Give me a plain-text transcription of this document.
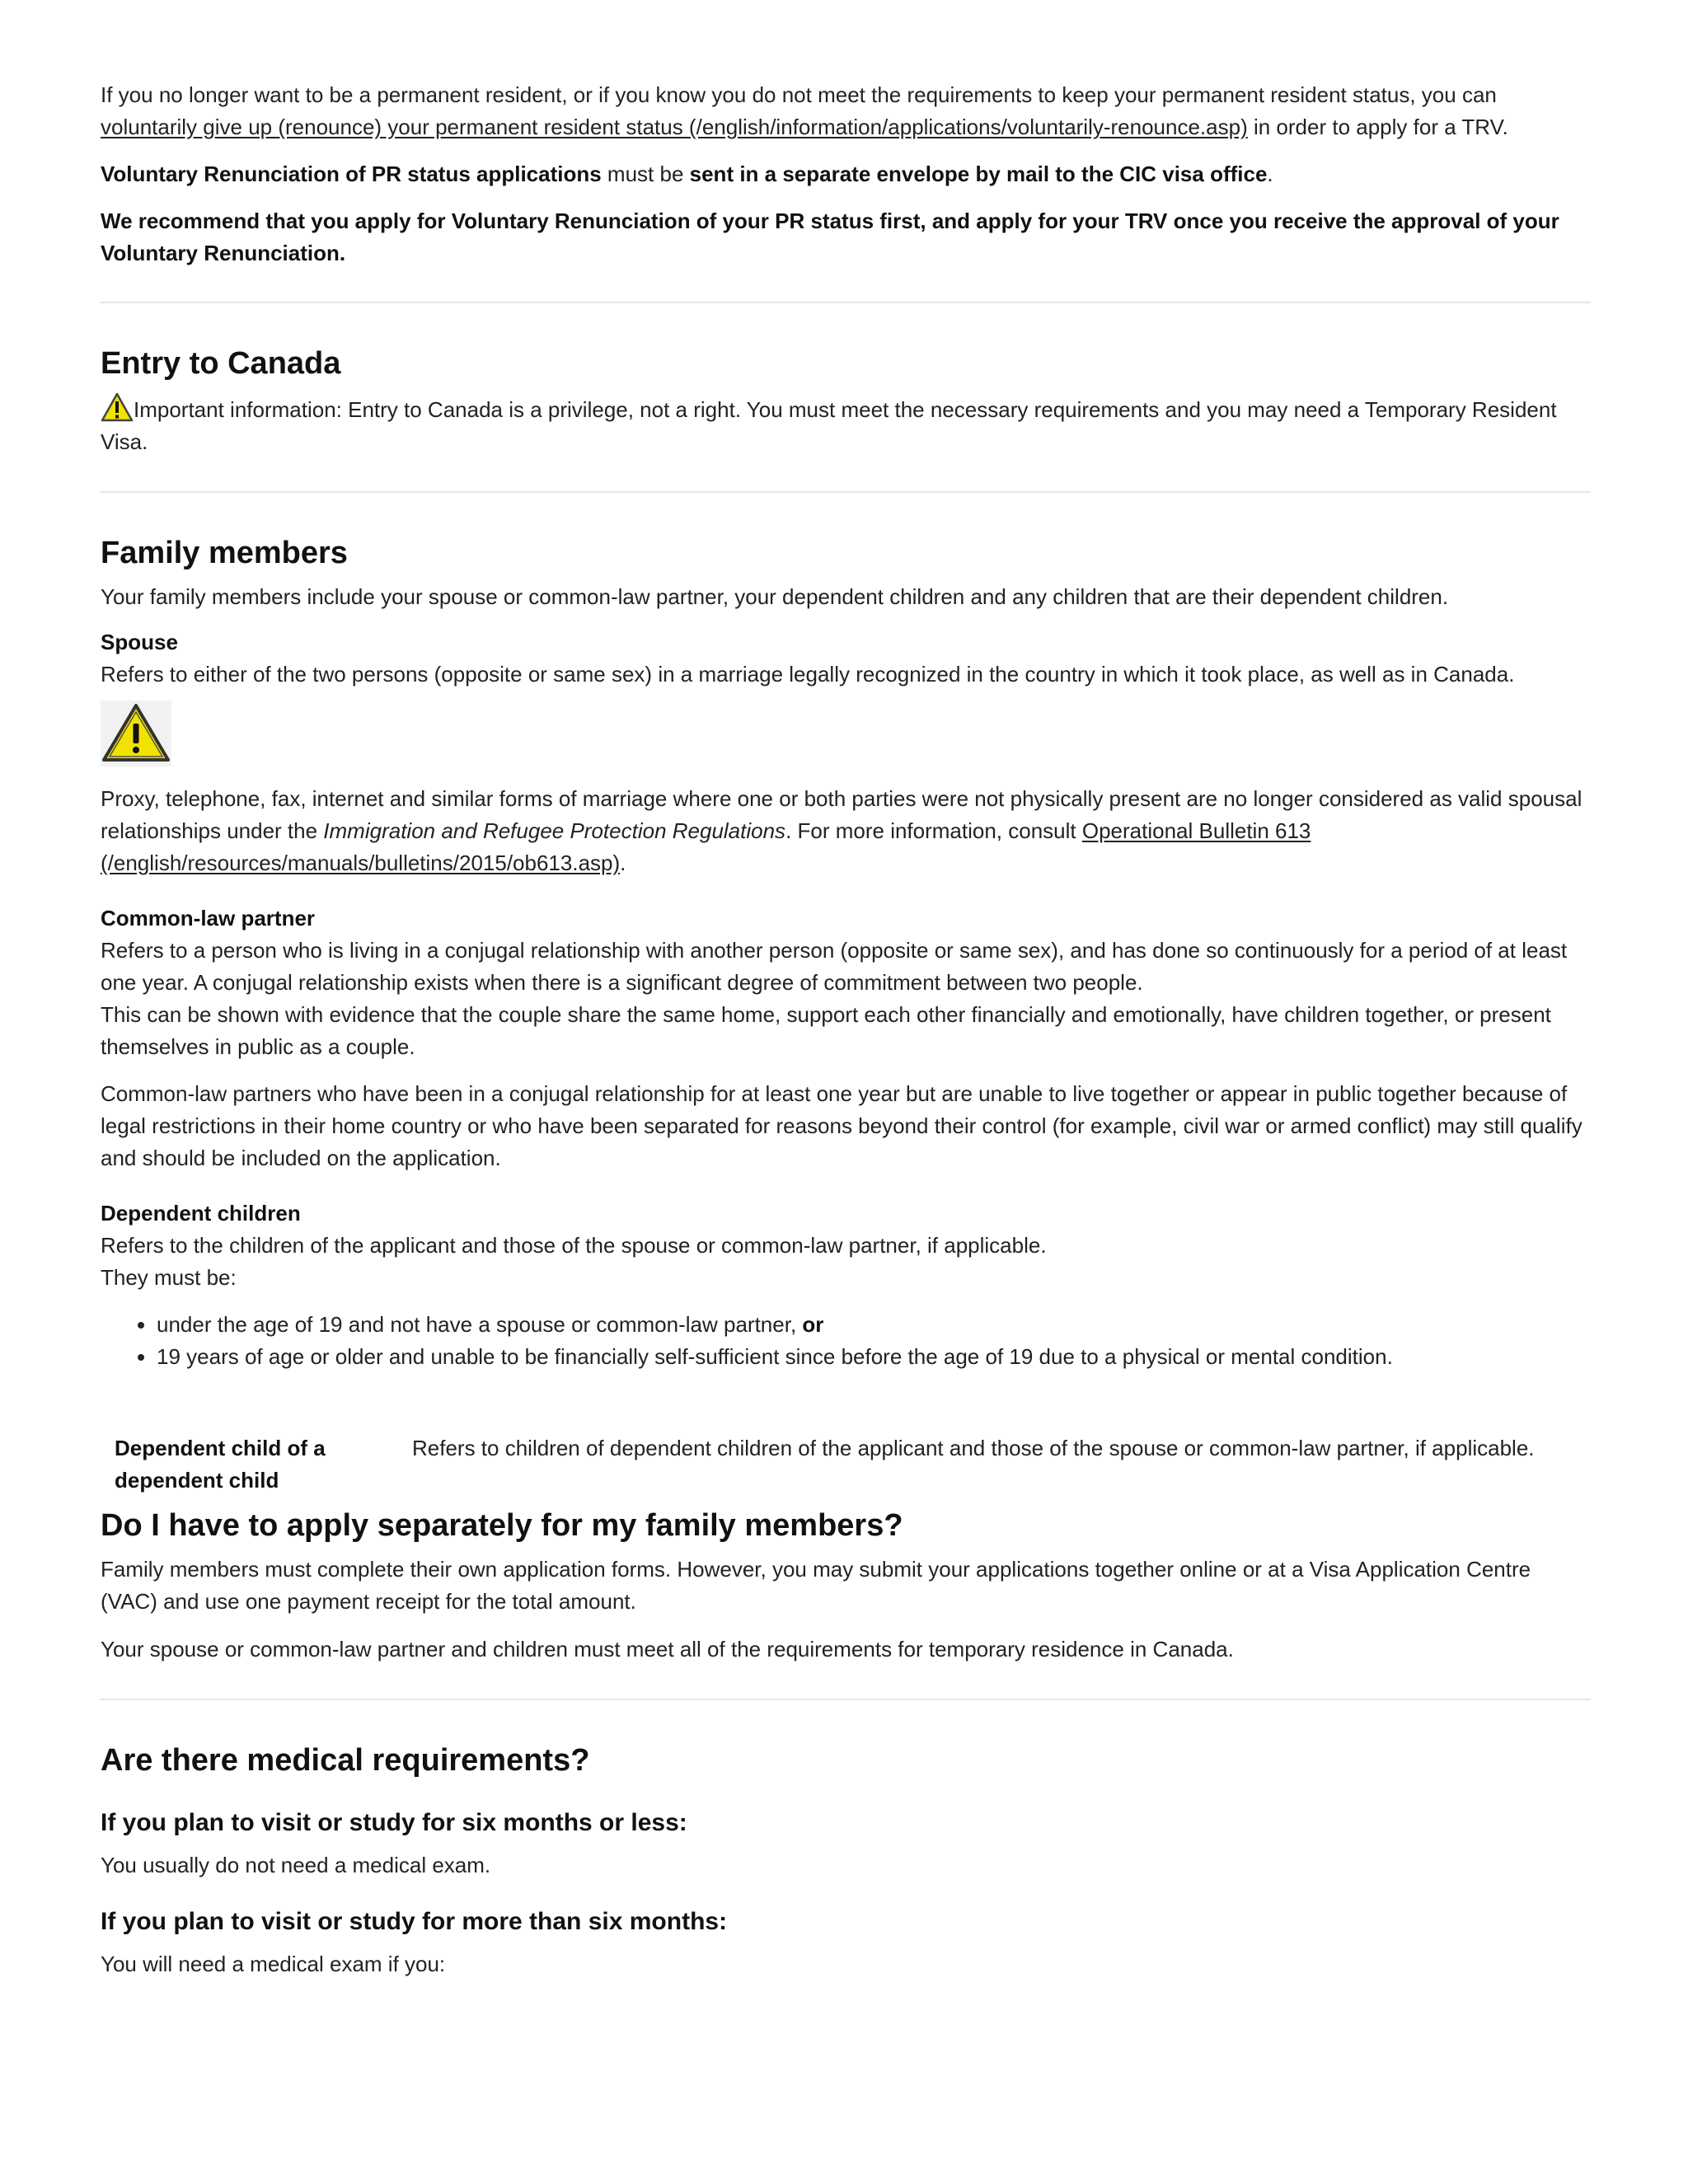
If you no longer want to be a permanent resident, or if you know you do not meet the requirements to keep your permanent resident status, you can voluntarily give up (renounce) your permanent resident status (/english/information/applications/voluntarily-renounce.asp) in order to apply for a TRV.

Voluntary Renunciation of PR status applications must be sent in a separate envelope by mail to the CIC visa office.

We recommend that you apply for Voluntary Renunciation of your PR status first, and apply for your TRV once you receive the approval of your Voluntary Renunciation.

Entry to Canada

Important information: Entry to Canada is a privilege, not a right. You must meet the necessary requirements and you may need a Temporary Resident Visa.

Family members

Your family members include your spouse or common-law partner, your dependent children and any children that are their dependent children.

Spouse

Refers to either of the two persons (opposite or same sex) in a marriage legally recognized in the country in which it took place, as well as in Canada.

Proxy, telephone, fax, internet and similar forms of marriage where one or both parties were not physically present are no longer considered as valid spousal relationships under the Immigration and Refugee Protection Regulations. For more information, consult Operational Bulletin 613 (/english/resources/manuals/bulletins/2015/ob613.asp).

Common-law partner

Refers to a person who is living in a conjugal relationship with another person (opposite or same sex), and has done so continuously for a period of at least one year. A conjugal relationship exists when there is a significant degree of commitment between two people.

This can be shown with evidence that the couple share the same home, support each other financially and emotionally, have children together, or present themselves in public as a couple.

Common-law partners who have been in a conjugal relationship for at least one year but are unable to live together or appear in public together because of legal restrictions in their home country or who have been separated for reasons beyond their control (for example, civil war or armed conflict) may still qualify and should be included on the application.

Dependent children

Refers to the children of the applicant and those of the spouse or common-law partner, if applicable.

They must be:

• under the age of 19 and not have a spouse or common-law partner, or
• 19 years of age or older and unable to be financially self-sufficient since before the age of 19 due to a physical or mental condition.
Dependent child of a dependent child	Refers to children of dependent children of the applicant and those of the spouse or common-law partner, if applicable.
Do I have to apply separately for my family members?

Family members must complete their own application forms. However, you may submit your applications together online or at a Visa Application Centre (VAC) and use one payment receipt for the total amount.

Your spouse or common-law partner and children must meet all of the requirements for temporary residence in Canada.

Are there medical requirements?
If you plan to visit or study for six months or less:

You usually do not need a medical exam.

If you plan to visit or study for more than six months:

You will need a medical exam if you:
